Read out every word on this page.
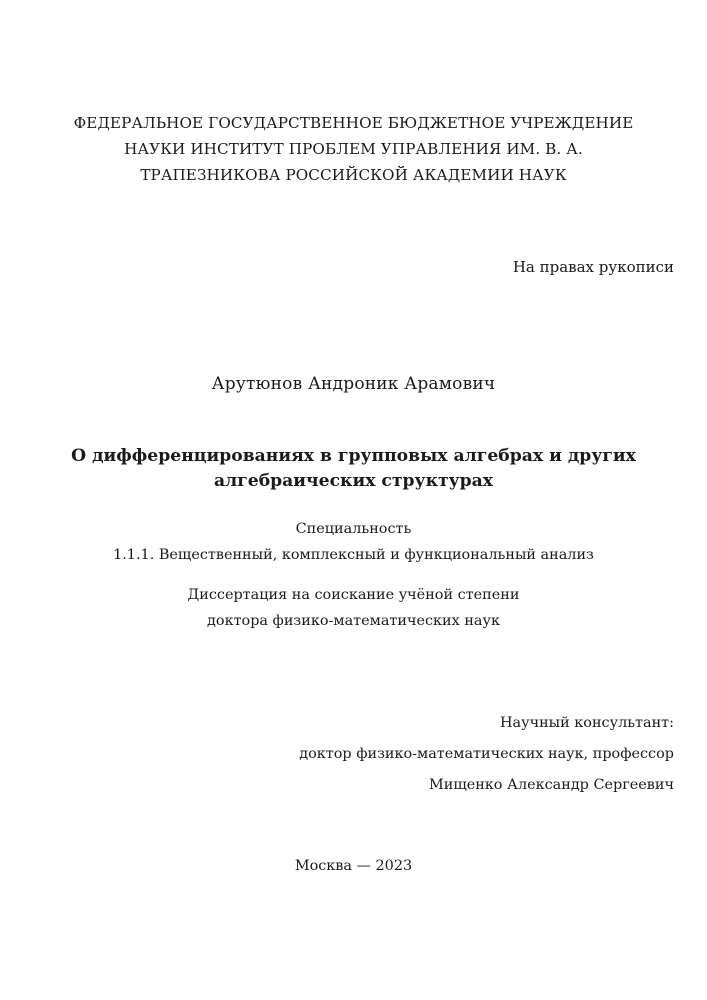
ФЕДЕРАЛЬНОЕ ГОСУДАРСТВЕННОЕ БЮДЖЕТНОЕ УЧРЕЖДЕНИЕ
НАУКИ ИНСТИТУТ ПРОБЛЕМ УПРАВЛЕНИЯ ИМ. В. А.
ТРАПЕЗНИКОВА РОССИЙСКОЙ АКАДЕМИИ НАУК
На правах рукописи
Арутюнов Андроник Арамович
О дифференцированиях в групповых алгебрах и других
алгебраических структурах
Специальность
1.1.1. Вещественный, комплексный и функциональный анализ
Диссертация на соискание учёной степени
доктора физико-математических наук
Научный консультант:
доктор физико-математических наук, профессор
Мищенко Александр Сергеевич
Москва — 2023
